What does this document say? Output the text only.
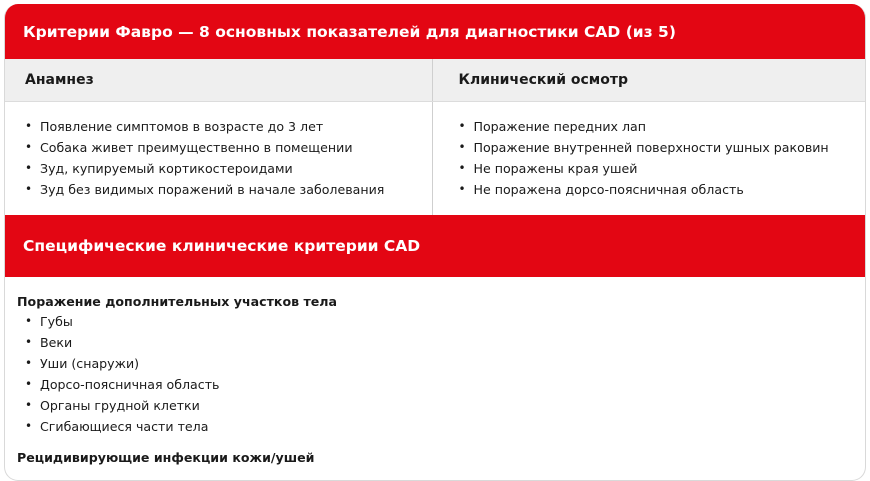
Критерии Фавро — 8 основных показателей для диагностики CAD (из 5)
Анамнез	Клинический осмотр
• Появление симптомов в возрасте до 3 лет
• Собака живет преимущественно в помещении
• Зуд, купируемый кортикостероидами
• Зуд без видимых поражений в начале заболевания
• Поражение передних лап
• Поражение внутренней поверхности ушных раковин
• Не поражены края ушей
• Не поражена дорсо-поясничная область
Специфические клинические критерии CAD
Поражение дополнительных участков тела
• Губы
• Веки
• Уши (снаружи)
• Дорсо-поясничная область
• Органы грудной клетки
• Сгибающиеся части тела
Рецидивирующие инфекции кожи/ушей
